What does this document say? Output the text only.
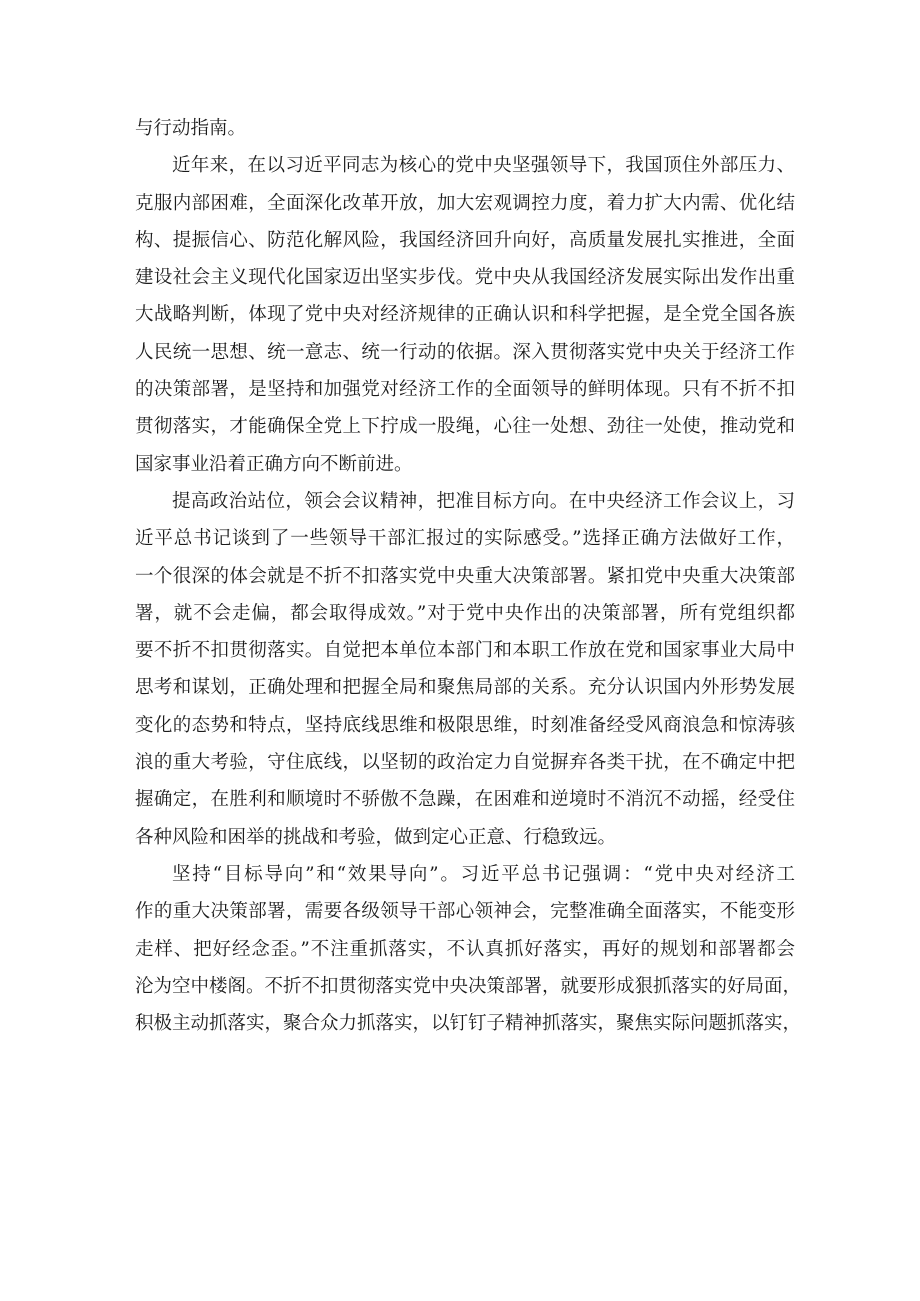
与行动指南。
近年来，在以习近平同志为核心的党中央坚强领导下，我国顶住外部压力、
克服内部困难，全面深化改革开放，加大宏观调控力度，着力扩大内需、优化结
构、提振信心、防范化解风险，我国经济回升向好，高质量发展扎实推进，全面
建设社会主义现代化国家迈出坚实步伐。党中央从我国经济发展实际出发作出重
大战略判断，体现了党中央对经济规律的正确认识和科学把握，是全党全国各族
人民统一思想、统一意志、统一行动的依据。深入贯彻落实党中央关于经济工作
的决策部署，是坚持和加强党对经济工作的全面领导的鲜明体现。只有不折不扣
贯彻落实，才能确保全党上下拧成一股绳，心往一处想、劲往一处使，推动党和
国家事业沿着正确方向不断前进。
提高政治站位，领会会议精神，把准目标方向。在中央经济工作会议上，习
近平总书记谈到了一些领导干部汇报过的实际感受。”选择正确方法做好工作，
一个很深的体会就是不折不扣落实党中央重大决策部署。紧扣党中央重大决策部
署，就不会走偏，都会取得成效。”对于党中央作出的决策部署，所有党组织都
要不折不扣贯彻落实。自觉把本单位本部门和本职工作放在党和国家事业大局中
思考和谋划，正确处理和把握全局和聚焦局部的关系。充分认识国内外形势发展
变化的态势和特点，坚持底线思维和极限思维，时刻准备经受风商浪急和惊涛骇
浪的重大考验，守住底线，以坚韧的政治定力自觉摒弃各类干扰，在不确定中把
握确定，在胜利和顺境时不骄傲不急躁，在困难和逆境时不消沉不动摇，经受住
各种风险和困举的挑战和考验，做到定心正意、行稳致远。
坚持“目标导向”和“效果导向”。习近平总书记强调：“党中央对经济工
作的重大决策部署，需要各级领导干部心领神会，完整准确全面落实，不能变形
走样、把好经念歪。”不注重抓落实，不认真抓好落实，再好的规划和部署都会
沦为空中楼阁。不折不扣贯彻落实党中央决策部署，就要形成狠抓落实的好局面，
积极主动抓落实，聚合众力抓落实，以钉钉子精神抓落实，聚焦实际问题抓落实，
